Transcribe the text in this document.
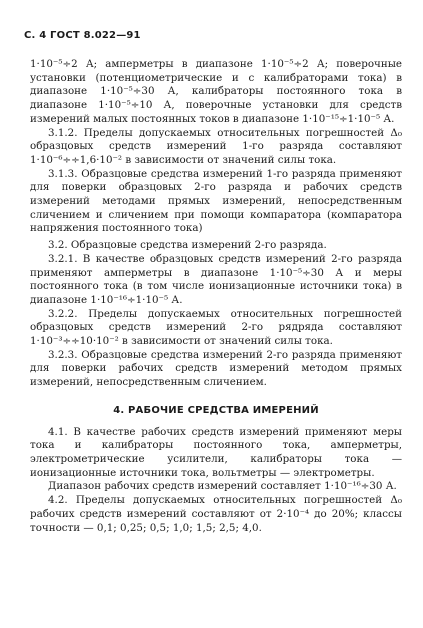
С. 4 ГОСТ 8.022—91

1·10⁻⁵÷2 А; амперметры в диапазоне 1·10⁻⁵÷2 А; поверочные установки (потенциометрические и с калибраторами тока) в диапазоне 1·10⁻⁵÷30 А, калибраторы постоянного тока в диапазоне 1·10⁻⁵÷10 А, поверочные установки для средств измерений малых постоянных токов в диапазоне 1·10⁻¹⁵÷1·10⁻⁵ А.

3.1.2. Пределы допускаемых относительных погрешностей Δ₀ образцовых средств измерений 1-го разряда составляют 1·10⁻⁶÷÷1,6·10⁻² в зависимости от значений силы тока.

3.1.3. Образцовые средства измерений 1-го разряда применяют для поверки образцовых 2-го разряда и рабочих средств измерений методами прямых измерений, непосредственным сличением и сличением при помощи компаратора (компаратора напряжения постоянного тока)

3.2. Образцовые средства измерений 2-го разряда.

3.2.1. В качестве образцовых средств измерений 2-го разряда применяют амперметры в диапазоне 1·10⁻⁵÷30 А и меры постоянного тока (в том числе ионизационные источники тока) в диапазоне 1·10⁻¹⁶÷1·10⁻⁵ А.

3.2.2. Пределы допускаемых относительных погрешностей образцовых средств измерений 2-го рядряда составляют 1·10⁻³÷÷10·10⁻² в зависимости от значений силы тока.

3.2.3. Образцовые средства измерений 2-го разряда применяют для поверки рабочих средств измерений методом прямых измерений, непосредственным сличением.

4. РАБОЧИЕ СРЕДСТВА ИМЕРЕНИЙ

4.1. В качестве рабочих средств измерений применяют меры тока и калибраторы постоянного тока, амперметры, электрометрические усилители, калибраторы тока — ионизационные источники тока, вольтметры — электрометры.

Диапазон рабочих средств измерений составляет 1·10⁻¹⁶÷30 А.

4.2. Пределы допускаемых относительных погрешностей Δ₀ рабочих средств измерений составляют от 2·10⁻⁴ до 20%; классы точности — 0,1; 0,25; 0,5; 1,0; 1,5; 2,5; 4,0.
